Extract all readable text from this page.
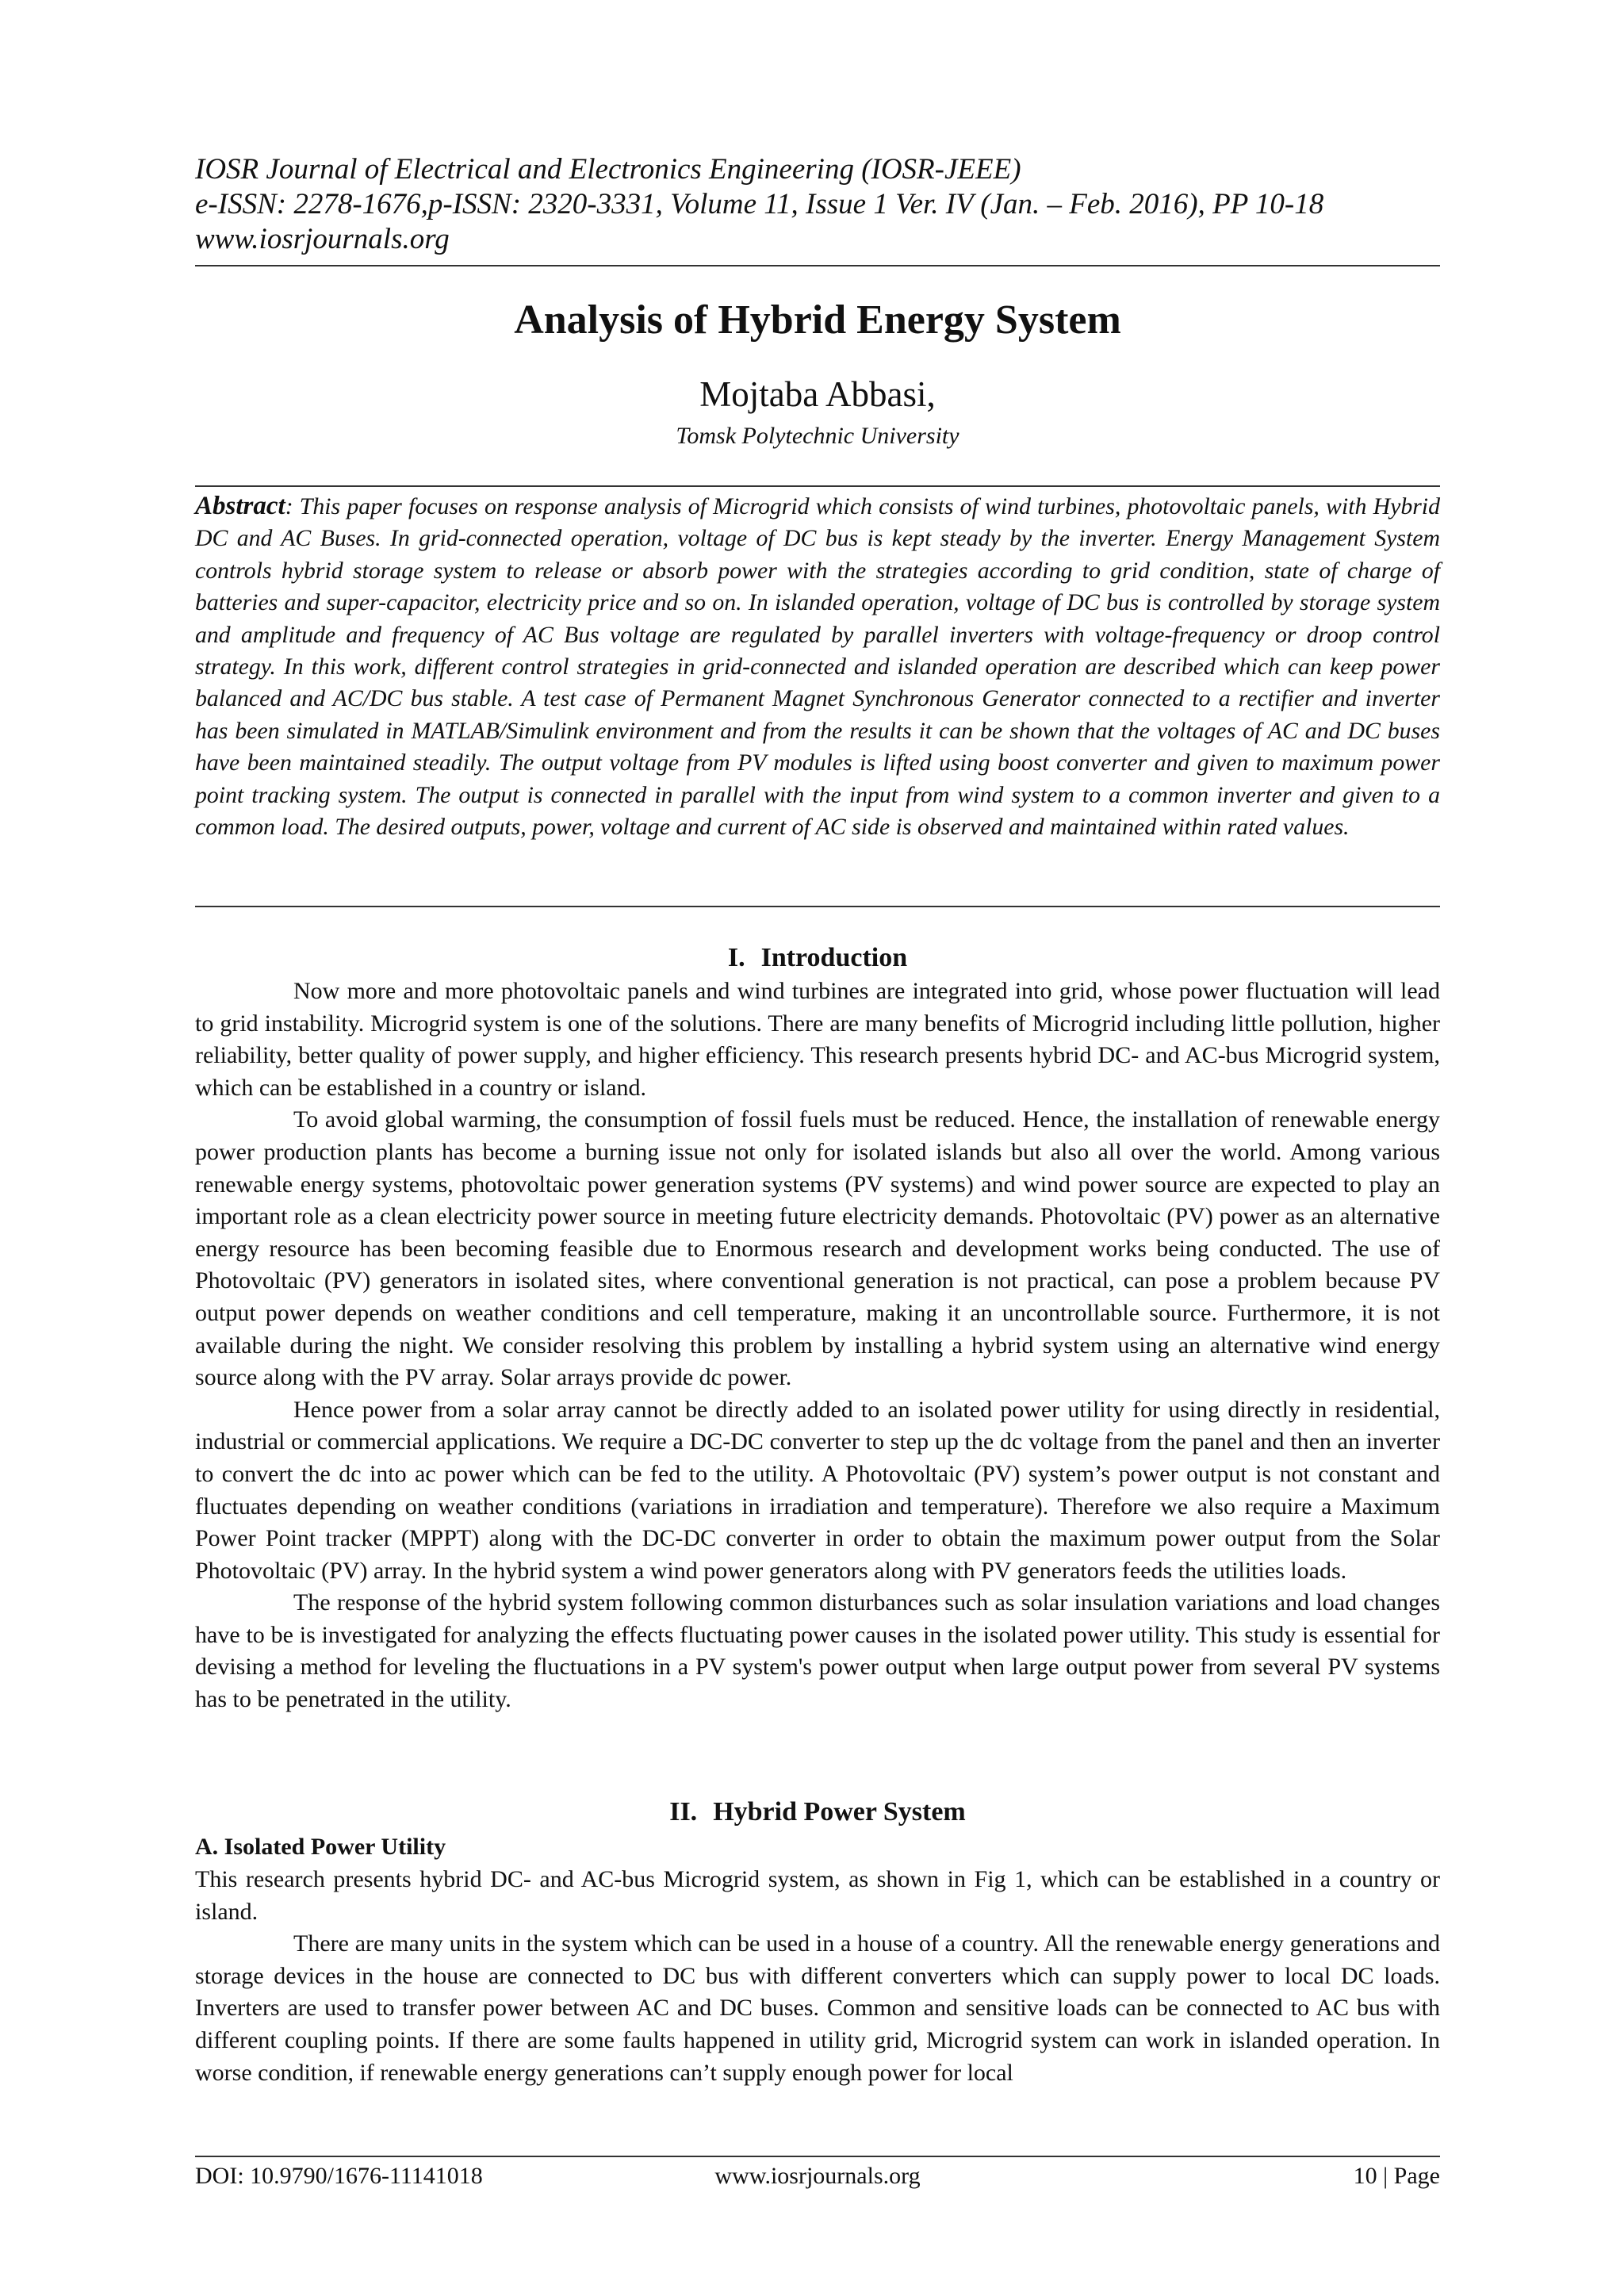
IOSR Journal of Electrical and Electronics Engineering (IOSR-JEEE)
e-ISSN: 2278-1676,p-ISSN: 2320-3331, Volume 11, Issue 1 Ver. IV (Jan. – Feb. 2016), PP 10-18
www.iosrjournals.org
Analysis of Hybrid Energy System
Mojtaba Abbasi,
Tomsk Polytechnic University
Abstract: This paper focuses on response analysis of Microgrid which consists of wind turbines, photovoltaic panels, with Hybrid DC and AC Buses. In grid-connected operation, voltage of DC bus is kept steady by the inverter. Energy Management System controls hybrid storage system to release or absorb power with the strategies according to grid condition, state of charge of batteries and super-capacitor, electricity price and so on. In islanded operation, voltage of DC bus is controlled by storage system and amplitude and frequency of AC Bus voltage are regulated by parallel inverters with voltage-frequency or droop control strategy. In this work, different control strategies in grid-connected and islanded operation are described which can keep power balanced and AC/DC bus stable. A test case of Permanent Magnet Synchronous Generator connected to a rectifier and inverter has been simulated in MATLAB/Simulink environment and from the results it can be shown that the voltages of AC and DC buses have been maintained steadily. The output voltage from PV modules is lifted using boost converter and given to maximum power point tracking system. The output is connected in parallel with the input from wind system to a common inverter and given to a common load. The desired outputs, power, voltage and current of AC side is observed and maintained within rated values.
I. Introduction

Now more and more photovoltaic panels and wind turbines are integrated into grid, whose power fluctuation will lead to grid instability. Microgrid system is one of the solutions. There are many benefits of Microgrid including little pollution, higher reliability, better quality of power supply, and higher efficiency. This research presents hybrid DC- and AC-bus Microgrid system, which can be established in a country or island.

To avoid global warming, the consumption of fossil fuels must be reduced. Hence, the installation of renewable energy power production plants has become a burning issue not only for isolated islands but also all over the world. Among various renewable energy systems, photovoltaic power generation systems (PV systems) and wind power source are expected to play an important role as a clean electricity power source in meeting future electricity demands. Photovoltaic (PV) power as an alternative energy resource has been becoming feasible due to Enormous research and development works being conducted. The use of Photovoltaic (PV) generators in isolated sites, where conventional generation is not practical, can pose a problem because PV output power depends on weather conditions and cell temperature, making it an uncontrollable source. Furthermore, it is not available during the night. We consider resolving this problem by installing a hybrid system using an alternative wind energy source along with the PV array. Solar arrays provide dc power.

Hence power from a solar array cannot be directly added to an isolated power utility for using directly in residential, industrial or commercial applications. We require a DC-DC converter to step up the dc voltage from the panel and then an inverter to convert the dc into ac power which can be fed to the utility. A Photovoltaic (PV) system’s power output is not constant and fluctuates depending on weather conditions (variations in irradiation and temperature). Therefore we also require a Maximum Power Point tracker (MPPT) along with the DC-DC converter in order to obtain the maximum power output from the Solar Photovoltaic (PV) array. In the hybrid system a wind power generators along with PV generators feeds the utilities loads.

The response of the hybrid system following common disturbances such as solar insulation variations and load changes have to be is investigated for analyzing the effects fluctuating power causes in the isolated power utility. This study is essential for devising a method for leveling the fluctuations in a PV system's power output when large output power from several PV systems has to be penetrated in the utility.

II. Hybrid Power System
A. Isolated Power Utility

This research presents hybrid DC- and AC-bus Microgrid system, as shown in Fig 1, which can be established in a country or island.

There are many units in the system which can be used in a house of a country. All the renewable energy generations and storage devices in the house are connected to DC bus with different converters which can supply power to local DC loads. Inverters are used to transfer power between AC and DC buses. Common and sensitive loads can be connected to AC bus with different coupling points. If there are some faults happened in utility grid, Microgrid system can work in islanded operation. In worse condition, if renewable energy generations can’t supply enough power for local

DOI: 10.9790/1676-11141018	www.iosrjournals.org	10 | Page
